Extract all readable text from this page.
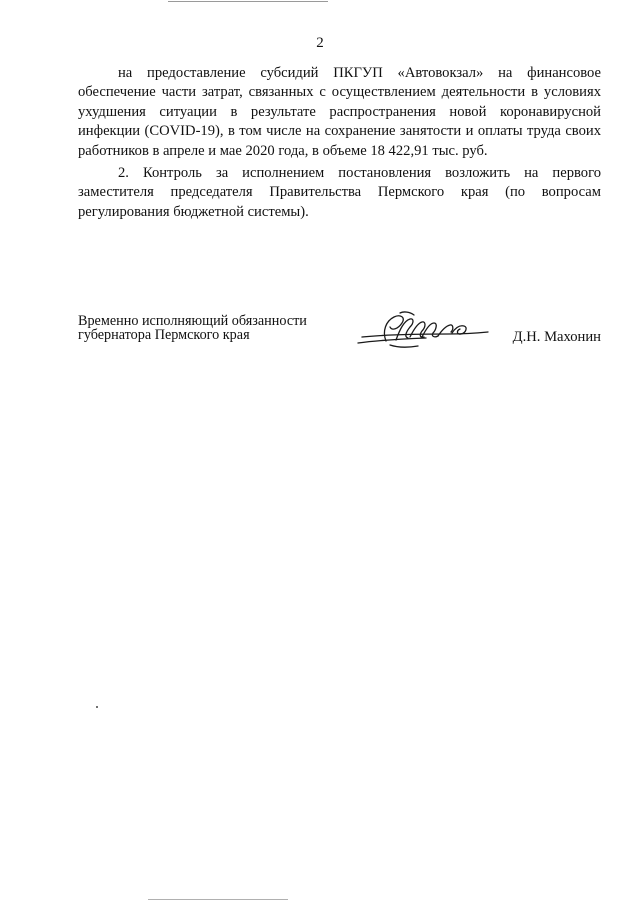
2

на предоставление субсидий ПКГУП «Автовокзал» на финансовое обеспечение части затрат, связанных с осуществлением деятельности в условиях ухудшения ситуации в результате распространения новой коронавирусной инфекции (COVID-19), в том числе на сохранение занятости и оплаты труда своих работников в апреле и мае 2020 года, в объеме 18 422,91 тыс. руб.

2. Контроль за исполнением постановления возложить на первого заместителя председателя Правительства Пермского края (по вопросам регулирования бюджетной системы).

Временно исполняющий обязанности
губернатора Пермского края	Д.Н. Махонин
